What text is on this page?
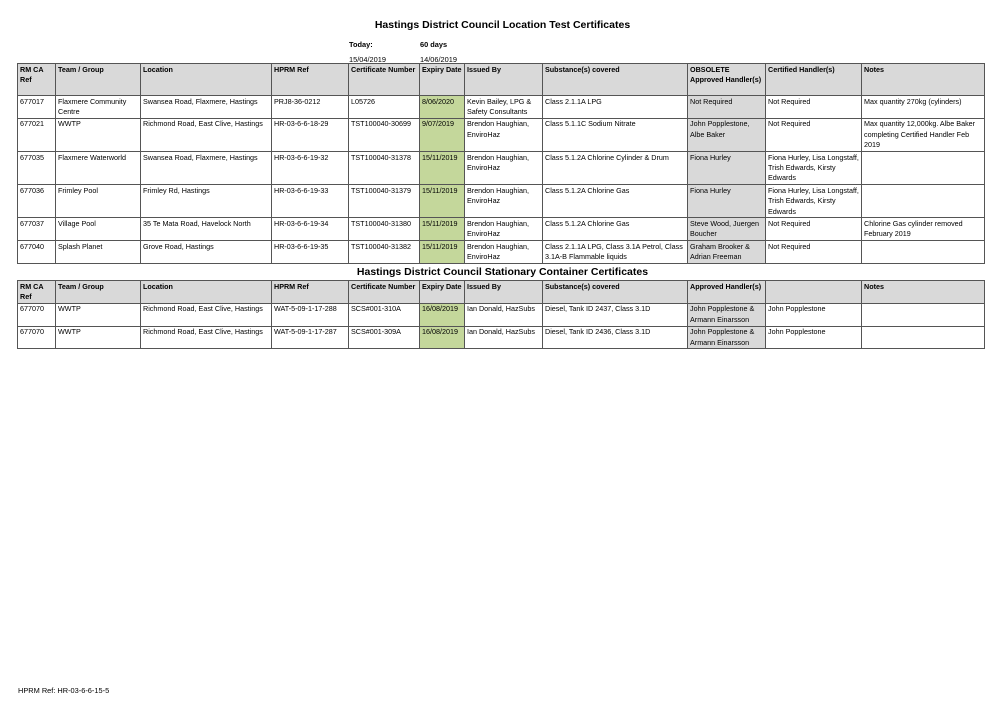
Hastings District Council Location Test Certificates
Today:	60 days
15/04/2019	14/06/2019
RM CA Ref	Team / Group	Location	HPRM Ref	Certificate Number	Expiry Date	Issued By	Substance(s) covered	OBSOLETE Approved Handler(s)	Certified Handler(s)	Notes
677017	Flaxmere Community Centre	Swansea Road, Flaxmere, Hastings	PRJ8-36-0212	L05726	8/06/2020	Kevin Bailey, LPG & Safety Consultants	Class 2.1.1A LPG	Not Required	Not Required	Max quantity 270kg (cylinders)
677021	WWTP	Richmond Road, East Clive, Hastings	HR-03-6-6-18-29	TST100040-30699	9/07/2019	Brendon Haughian, EnviroHaz	Class 5.1.1C Sodium Nitrate	John Popplestone, Albe Baker	Not Required	Max quantity 12,000kg. Albe Baker completing Certified Handler Feb 2019
677035	Flaxmere Waterworld	Swansea Road, Flaxmere, Hastings	HR-03-6-6-19-32	TST100040-31378	15/11/2019	Brendon Haughian, EnviroHaz	Class 5.1.2A Chlorine Cylinder & Drum	Fiona Hurley	Fiona Hurley, Lisa Longstaff, Trish Edwards, Kirsty Edwards	
677036	Frimley Pool	Frimley Rd, Hastings	HR-03-6-6-19-33	TST100040-31379	15/11/2019	Brendon Haughian, EnviroHaz	Class 5.1.2A Chlorine Gas	Fiona Hurley	Fiona Hurley, Lisa Longstaff, Trish Edwards, Kirsty Edwards	
677037	Village Pool	35 Te Mata Road, Havelock North	HR-03-6-6-19-34	TST100040-31380	15/11/2019	Brendon Haughian, EnviroHaz	Class 5.1.2A Chlorine Gas	Steve Wood, Juergen Boucher	Not Required	Chlorine Gas cylinder removed February 2019
677040	Splash Planet	Grove Road, Hastings	HR-03-6-6-19-35	TST100040-31382	15/11/2019	Brendon Haughian, EnviroHaz	Class 2.1.1A LPG, Class 3.1A Petrol, Class 3.1A-B Flammable liquids	Graham Brooker & Adrian Freeman	Not Required	
Hastings District Council Stationary Container Certificates
RM CA Ref	Team / Group	Location	HPRM Ref	Certificate Number	Expiry Date	Issued By	Substance(s) covered	Approved Handler(s)		Notes
677070	WWTP	Richmond Road, East Clive, Hastings	WAT-5-09-1-17-288	SCS#001-310A	16/08/2019	Ian Donald, HazSubs	Diesel, Tank ID 2437, Class 3.1D	John Popplestone & Armann Einarsson	John Popplestone	
677070	WWTP	Richmond Road, East Clive, Hastings	WAT-5-09-1-17-287	SCS#001-309A	16/08/2019	Ian Donald, HazSubs	Diesel, Tank ID 2436, Class 3.1D	John Popplestone & Armann Einarsson	John Popplestone	
HPRM Ref: HR-03-6-6-15-5
